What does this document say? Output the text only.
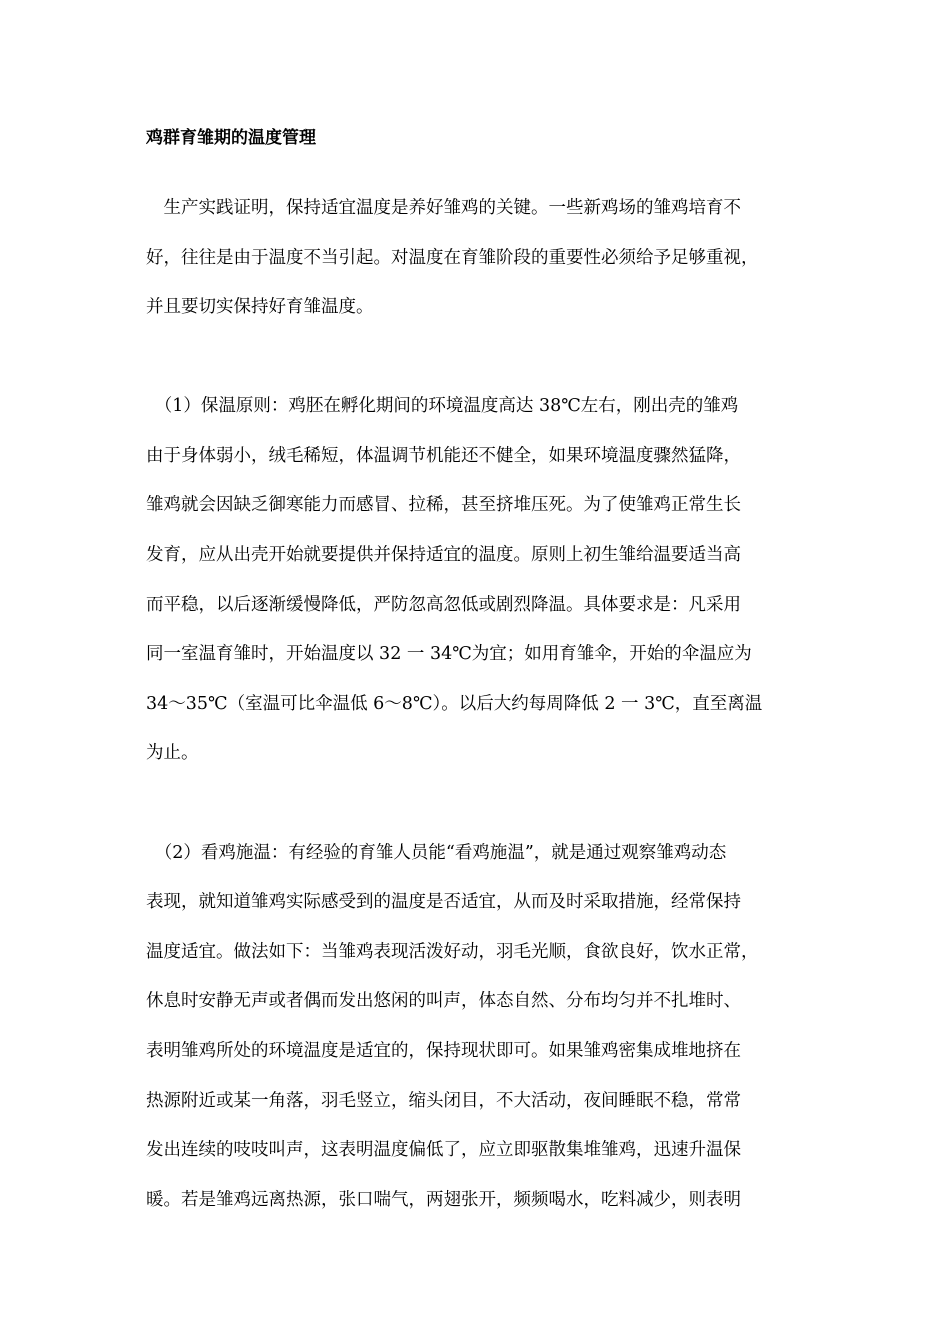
鸡群育雏期的温度管理
　生产实践证明，保持适宜温度是养好雏鸡的关键。一些新鸡场的雏鸡培育不
好，往往是由于温度不当引起。对温度在育雏阶段的重要性必须给予足够重视，
并且要切实保持好育雏温度。
　（1）保温原则：鸡胚在孵化期间的环境温度高达 38℃左右，刚出壳的雏鸡
由于身体弱小，绒毛稀短，体温调节机能还不健全，如果环境温度骤然猛降，
雏鸡就会因缺乏御寒能力而感冒、拉稀，甚至挤堆压死。为了使雏鸡正常生长
发育，应从出壳开始就要提供并保持适宜的温度。原则上初生雏给温要适当高
而平稳，以后逐渐缓慢降低，严防忽高忽低或剧烈降温。具体要求是：凡采用
同一室温育雏时，开始温度以 32 一 34℃为宜；如用育雏伞，开始的伞温应为
34～35℃（室温可比伞温低 6～8℃）。以后大约每周降低 2 一 3℃，直至离温
为止。
　（2）看鸡施温：有经验的育雏人员能“看鸡施温”，就是通过观察雏鸡动态
表现，就知道雏鸡实际感受到的温度是否适宜，从而及时采取措施，经常保持
温度适宜。做法如下：当雏鸡表现活泼好动，羽毛光顺，食欲良好，饮水正常，
休息时安静无声或者偶而发出悠闲的叫声，体态自然、分布均匀并不扎堆时、
表明雏鸡所处的环境温度是适宜的，保持现状即可。如果雏鸡密集成堆地挤在
热源附近或某一角落，羽毛竖立，缩头闭目，不大活动，夜间睡眠不稳，常常
发出连续的吱吱叫声，这表明温度偏低了，应立即驱散集堆雏鸡，迅速升温保
暖。若是雏鸡远离热源，张口喘气，两翅张开，频频喝水，吃料减少，则表明
